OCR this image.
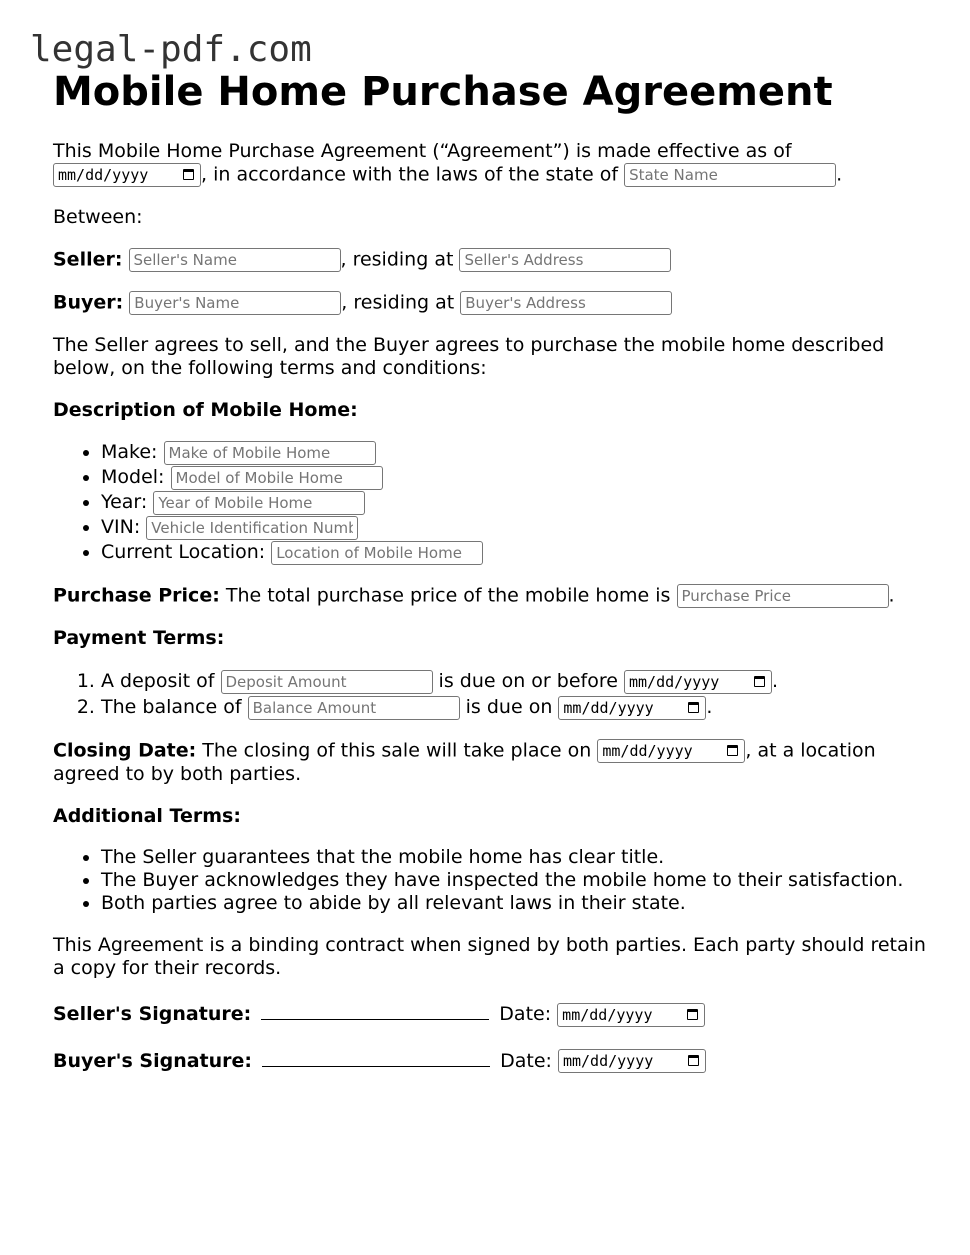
legal-pdf.com
Mobile Home Purchase Agreement

This Mobile Home Purchase Agreement (“Agreement”) is made effective as of
mm/dd/yyyy	, in accordance with the laws of the state of State Name	.

Between:

Seller: Seller's Name	, residing at Seller's Address

Buyer: Buyer's Name	, residing at Buyer's Address

The Seller agrees to sell, and the Buyer agrees to purchase the mobile home described below, on the following terms and conditions:

Description of Mobile Home:

• Make: Make of Mobile Home
• Model: Model of Mobile Home
• Year: Year of Mobile Home
• VIN: Vehicle Identification Number
• Current Location: Location of Mobile Home

Purchase Price: The total purchase price of the mobile home is Purchase Price	.

Payment Terms:

1. A deposit of Deposit Amount	is due on or before mm/dd/yyyy	.
2. The balance of Balance Amount	is due on mm/dd/yyyy	.

Closing Date: The closing of this sale will take place on mm/dd/yyyy	, at a location agreed to by both parties.

Additional Terms:

• The Seller guarantees that the mobile home has clear title.
• The Buyer acknowledges they have inspected the mobile home to their satisfaction.
• Both parties agree to abide by all relevant laws in their state.

This Agreement is a binding contract when signed by both parties. Each party should retain a copy for their records.

Seller's Signature:	Date: mm/dd/yyyy

Buyer's Signature:	Date: mm/dd/yyyy
